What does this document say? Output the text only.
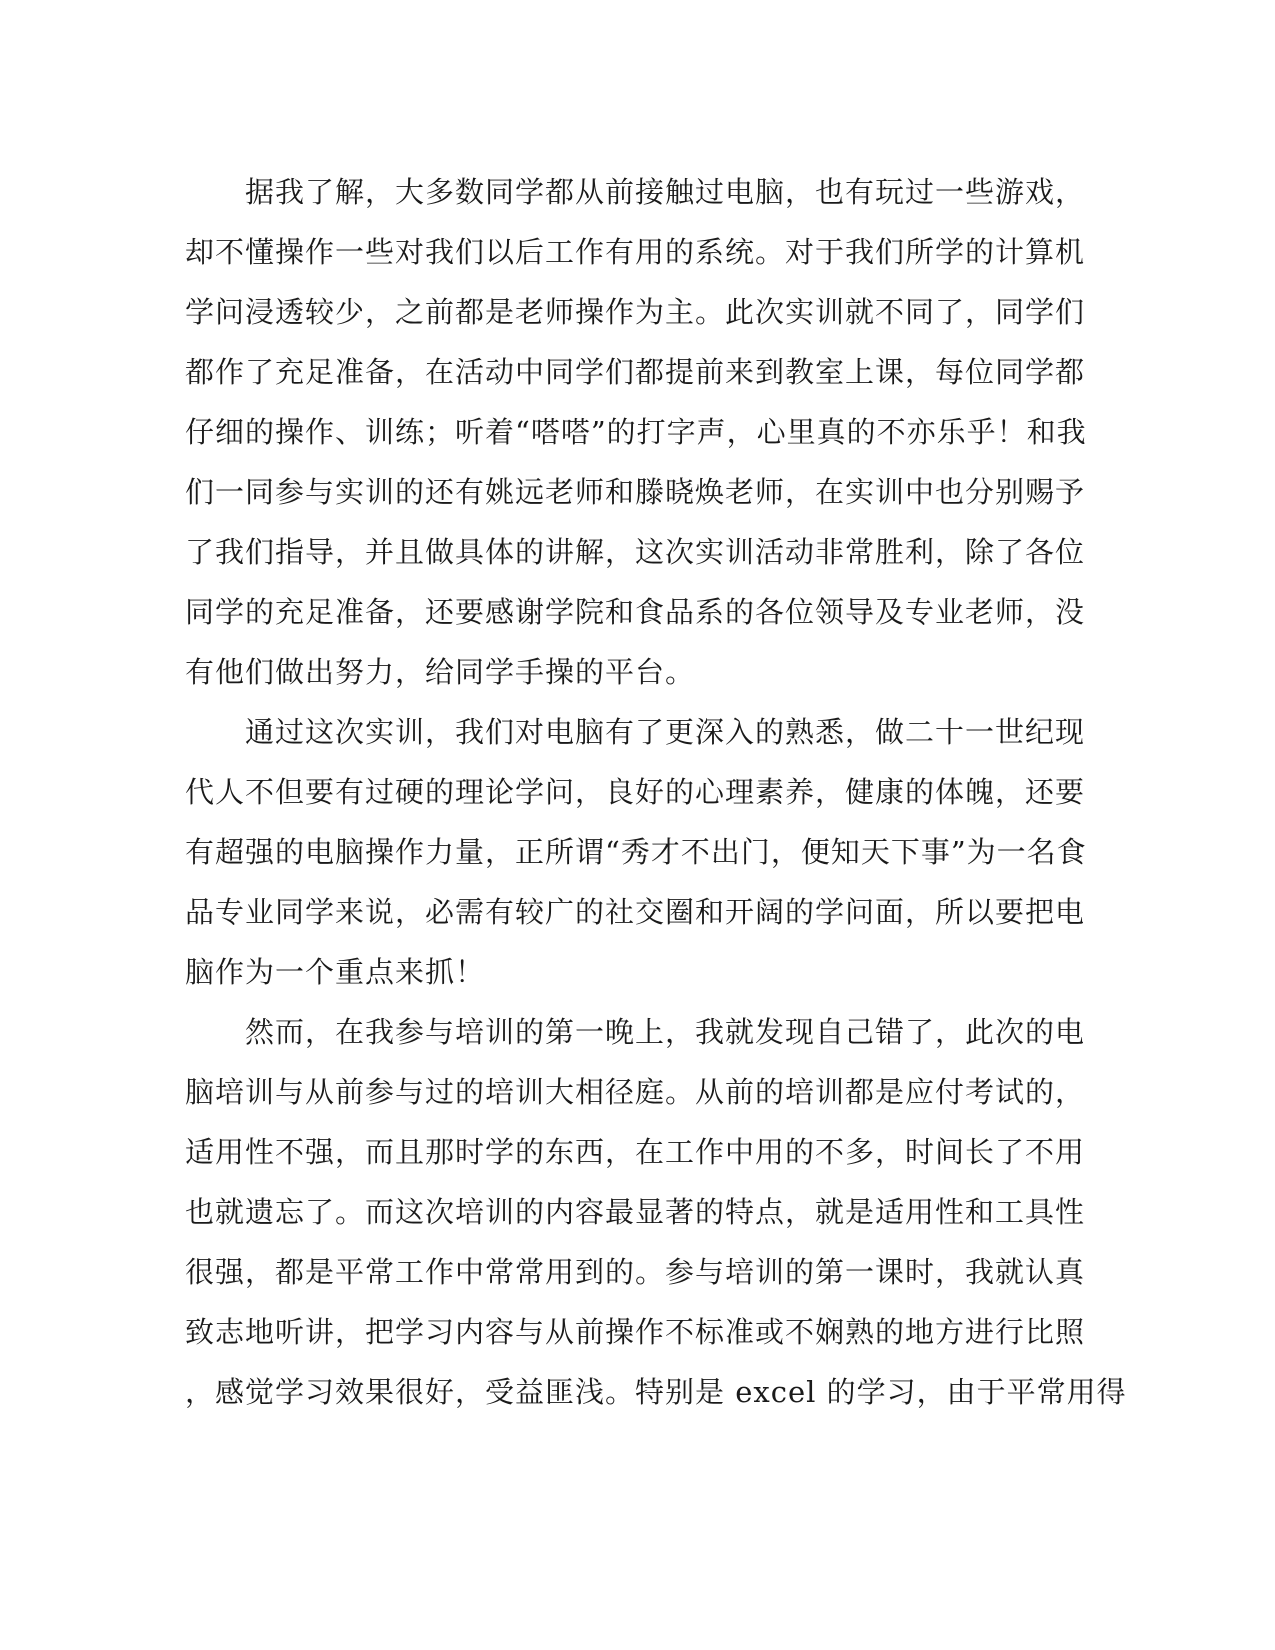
　　据我了解，大多数同学都从前接触过电脑，也有玩过一些游戏，
却不懂操作一些对我们以后工作有用的系统。对于我们所学的计算机
学问浸透较少，之前都是老师操作为主。此次实训就不同了，同学们
都作了充足准备，在活动中同学们都提前来到教室上课，每位同学都
仔细的操作、训练；听着“嗒嗒”的打字声，心里真的不亦乐乎！和我
们一同参与实训的还有姚远老师和滕晓焕老师，在实训中也分别赐予
了我们指导，并且做具体的讲解，这次实训活动非常胜利，除了各位
同学的充足准备，还要感谢学院和食品系的各位领导及专业老师，没
有他们做出努力，给同学手操的平台。
　　通过这次实训，我们对电脑有了更深入的熟悉，做二十一世纪现
代人不但要有过硬的理论学问，良好的心理素养，健康的体魄，还要
有超强的电脑操作力量，正所谓“秀才不出门，便知天下事”为一名食
品专业同学来说，必需有较广的社交圈和开阔的学问面，所以要把电
脑作为一个重点来抓！
　　然而，在我参与培训的第一晚上，我就发现自己错了，此次的电
脑培训与从前参与过的培训大相径庭。从前的培训都是应付考试的，
适用性不强，而且那时学的东西，在工作中用的不多，时间长了不用
也就遗忘了。而这次培训的内容最显著的特点，就是适用性和工具性
很强，都是平常工作中常常用到的。参与培训的第一课时，我就认真
致志地听讲，把学习内容与从前操作不标准或不娴熟的地方进行比照
，感觉学习效果很好，受益匪浅。特别是 excel 的学习，由于平常用得
